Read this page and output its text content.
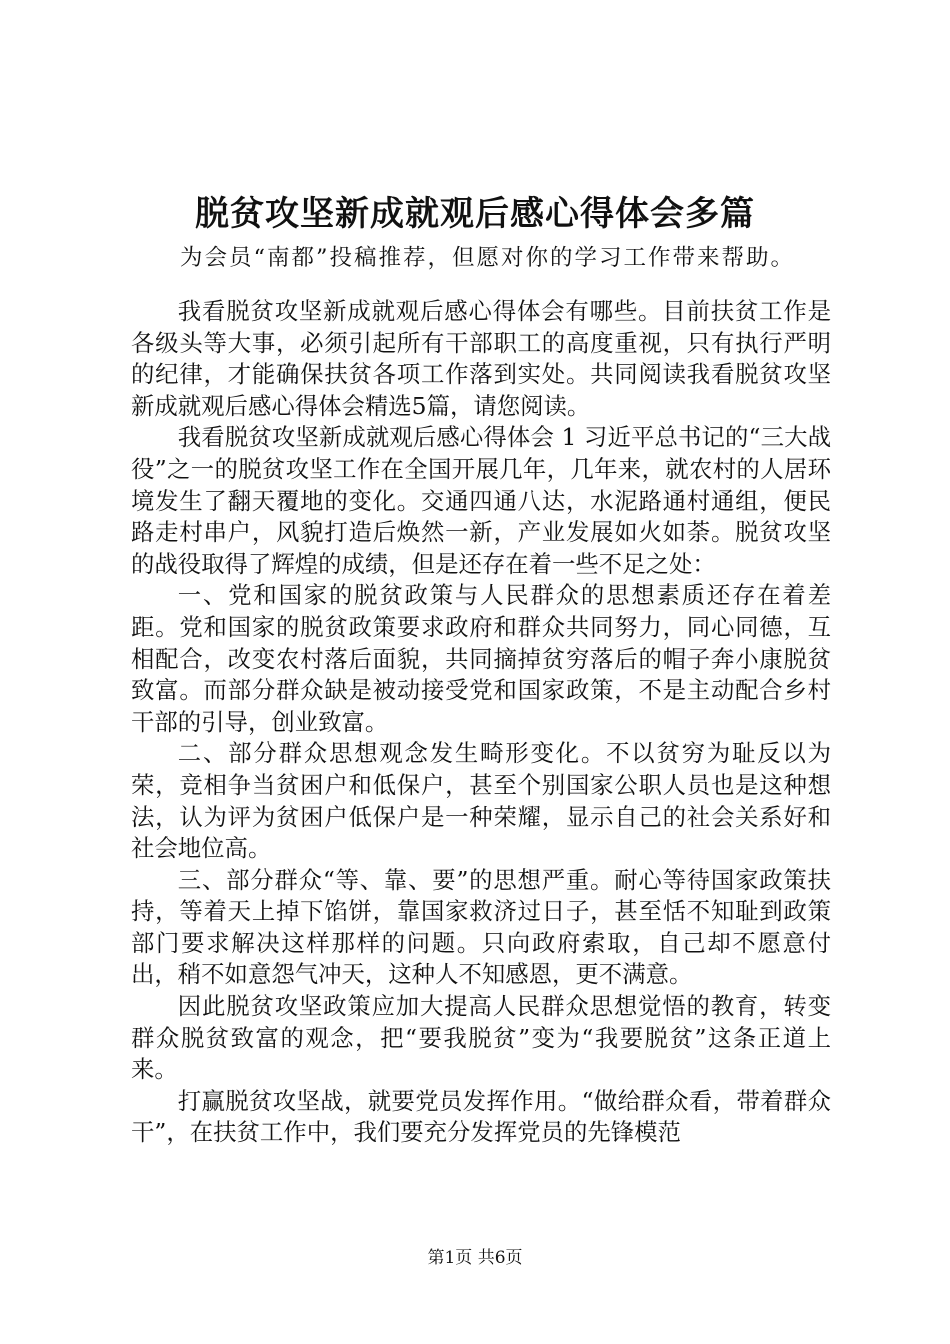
脱贫攻坚新成就观后感心得体会多篇
为会员“南都”投稿推荐，但愿对你的学习工作带来帮助。

我看脱贫攻坚新成就观后感心得体会有哪些。目前扶贫工作是各级头等大事，必须引起所有干部职工的高度重视，只有执行严明的纪律，才能确保扶贫各项工作落到实处。共同阅读我看脱贫攻坚新成就观后感心得体会精选5篇，请您阅读。

我看脱贫攻坚新成就观后感心得体会 1 习近平总书记的“三大战役”之一的脱贫攻坚工作在全国开展几年，几年来，就农村的人居环境发生了翻天覆地的变化。交通四通八达，水泥路通村通组，便民路走村串户，风貌打造后焕然一新，产业发展如火如荼。脱贫攻坚的战役取得了辉煌的成绩，但是还存在着一些不足之处：

一、党和国家的脱贫政策与人民群众的思想素质还存在着差距。党和国家的脱贫政策要求政府和群众共同努力，同心同德，互相配合，改变农村落后面貌，共同摘掉贫穷落后的帽子奔小康脱贫致富。而部分群众缺是被动接受党和国家政策，不是主动配合乡村干部的引导，创业致富。

二、部分群众思想观念发生畸形变化。不以贫穷为耻反以为荣，竞相争当贫困户和低保户，甚至个别国家公职人员也是这种想法，认为评为贫困户低保户是一种荣耀，显示自己的社会关系好和社会地位高。

三、部分群众“等、靠、要”的思想严重。耐心等待国家政策扶持，等着天上掉下馅饼，靠国家救济过日子，甚至恬不知耻到政策部门要求解决这样那样的问题。只向政府索取，自己却不愿意付出，稍不如意怨气冲天，这种人不知感恩，更不满意。

因此脱贫攻坚政策应加大提高人民群众思想觉悟的教育，转变群众脱贫致富的观念，把“要我脱贫”变为“我要脱贫”这条正道上来。

打赢脱贫攻坚战，就要党员发挥作用。“做给群众看，带着群众干”，在扶贫工作中，我们要充分发挥党员的先锋模范

第1页 共6页
